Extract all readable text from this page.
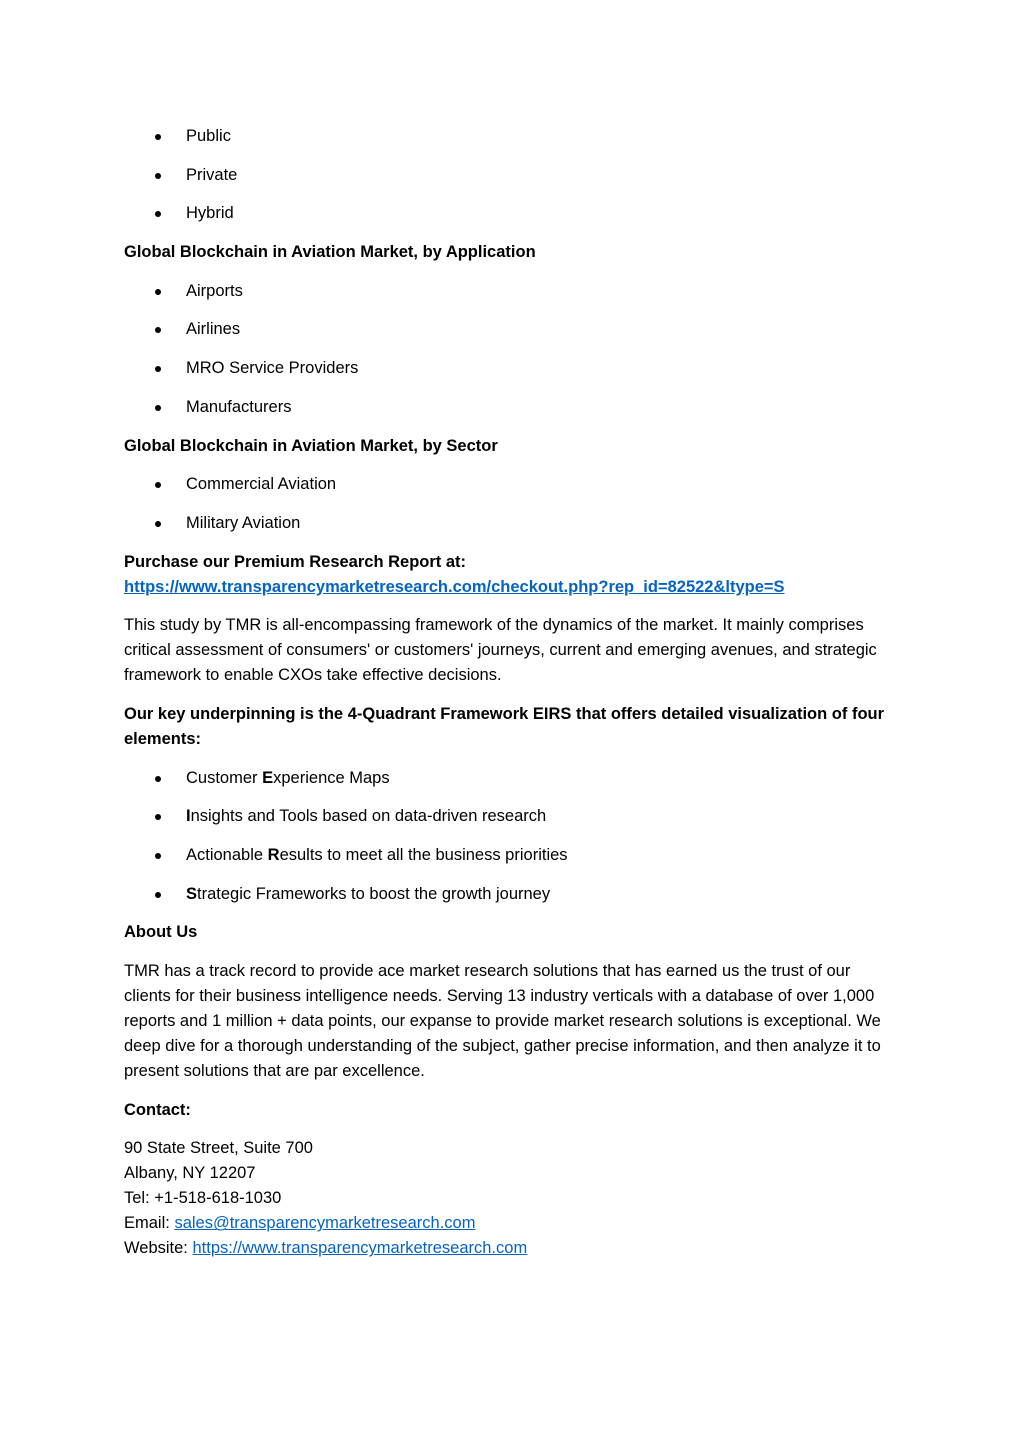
Public
Private
Hybrid
Global Blockchain in Aviation Market, by Application
Airports
Airlines
MRO Service Providers
Manufacturers
Global Blockchain in Aviation Market, by Sector
Commercial Aviation
Military Aviation
Purchase our Premium Research Report at:
https://www.transparencymarketresearch.com/checkout.php?rep_id=82522&ltype=S
This study by TMR is all-encompassing framework of the dynamics of the market. It mainly comprises critical assessment of consumers' or customers' journeys, current and emerging avenues, and strategic framework to enable CXOs take effective decisions.
Our key underpinning is the 4-Quadrant Framework EIRS that offers detailed visualization of four elements:
Customer Experience Maps
Insights and Tools based on data-driven research
Actionable Results to meet all the business priorities
Strategic Frameworks to boost the growth journey
About Us
TMR has a track record to provide ace market research solutions that has earned us the trust of our clients for their business intelligence needs. Serving 13 industry verticals with a database of over 1,000 reports and 1 million + data points, our expanse to provide market research solutions is exceptional. We deep dive for a thorough understanding of the subject, gather precise information, and then analyze it to present solutions that are par excellence.
Contact:
90 State Street, Suite 700
Albany, NY 12207
Tel: +1-518-618-1030
Email: sales@transparencymarketresearch.com
Website: https://www.transparencymarketresearch.com
